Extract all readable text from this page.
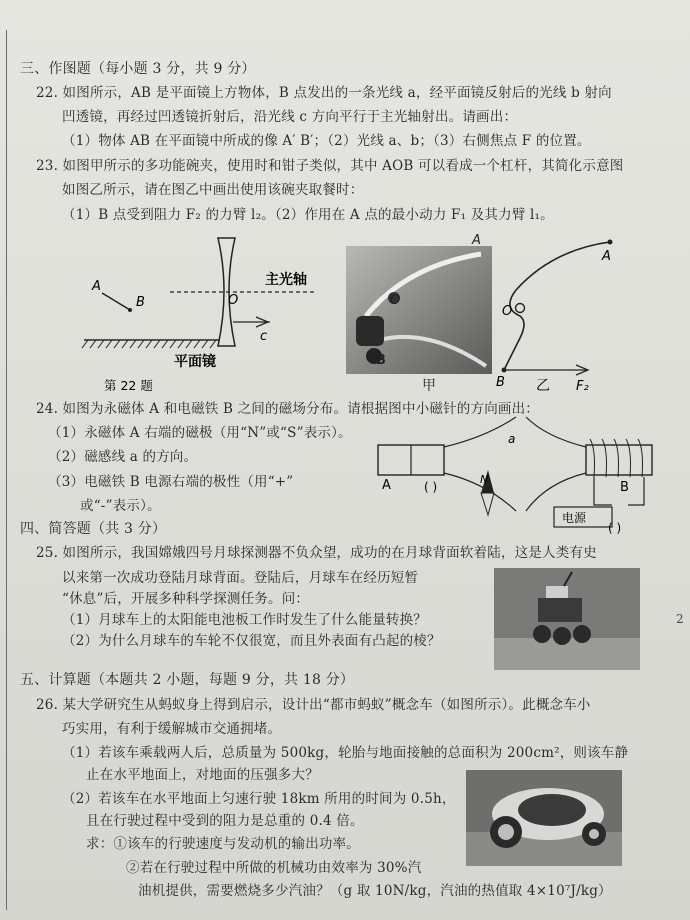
三、作图题（每小题 3 分，共 9 分）
22. 如图所示，AB 是平面镜上方物体，B 点发出的一条光线 a，经平面镜反射后的光线 b 射向
凹透镜，再经过凹透镜折射后，沿光线 c 方向平行于主光轴射出。请画出：
（1）物体 AB 在平面镜中所成的像 A′ B′；（2）光线 a、b；（3）右侧焦点 F 的位置。
23. 如图甲所示的多功能碗夹，使用时和钳子类似，其中 AOB 可以看成一个杠杆，其简化示意图
如图乙所示，请在图乙中画出使用该碗夹取餐时：
（1）B 点受到阻力 F₂ 的力臂 l₂。（2）作用在 A 点的最小动力 F₁ 及其力臂 l₁。
A
B
平面镜
主光轴
O
c
第 22 题
A
O
B
甲
A
O
B 乙 F₂
24. 如图为永磁体 A 和电磁铁 B 之间的磁场分布。请根据图中小磁针的方向画出：
（1）永磁体 A 右端的磁极（用“N”或“S”表示）。
（2）磁感线 a 的方向。
（3）电磁铁 B 电源右端的极性（用“+”
或“-”表示）。
A	( )
N
a
B
电源
( )
四、简答题（共 3 分）
25. 如图所示，我国嫦娥四号月球探测器不负众望，成功的在月球背面软着陆，这是人类有史
以来第一次成功登陆月球背面。登陆后，月球车在经历短暂
“休息”后，开展多种科学探测任务。问：
（1）月球车上的太阳能电池板工作时发生了什么能量转换？
（2）为什么月球车的车轮不仅很宽，而且外表面有凸起的棱？
五、计算题（本题共 2 小题，每题 9 分，共 18 分）
26. 某大学研究生从蚂蚁身上得到启示，设计出“都市蚂蚁”概念车（如图所示）。此概念车小
巧实用，有利于缓解城市交通拥堵。
（1）若该车乘载两人后，总质量为 500kg，轮胎与地面接触的总面积为 200cm²，则该车静
止在水平地面上，对地面的压强多大？
（2）若该车在水平地面上匀速行驶 18km 所用的时间为 0.5h，
且在行驶过程中受到的阻力是总重的 0.4 倍。
求：①该车的行驶速度与发动机的输出功率。
②若在行驶过程中所做的机械功由效率为 30%汽
油机提供，需要燃烧多少汽油？（g 取 10N/kg，汽油的热值取 4×10⁷J/kg）
2
